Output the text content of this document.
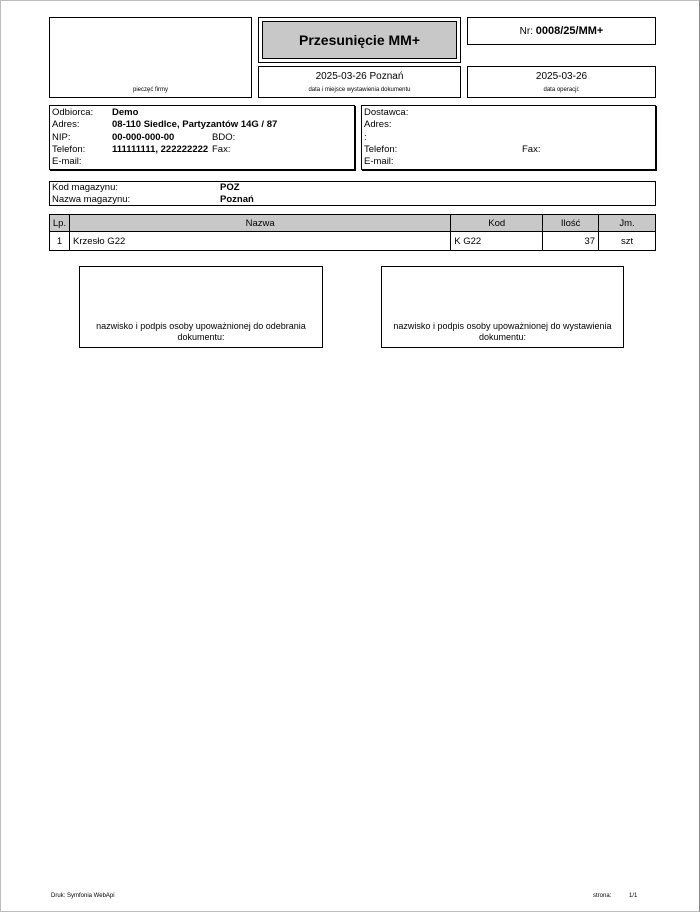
pieczęć firmy
Przesunięcie MM+
Nr:
0008/25/MM+
2025-03-26 Poznań
data i miejsce wystawienia dokumentu
2025-03-26
data operacji:
Odbiorca: Demo
Adres:	08-110 Siedlce, Partyzantów 14G / 87
NIP:	00-000-000-00	BDO:
Telefon:	111111111, 222222222 Fax:
E-mail:
Dostawca:
Adres:
:
Telefon:	Fax:
E-mail:
Kod magazynu:	POZ
Nazwa magazynu:	Poznań
Lp.	Nazwa	Kod	Ilość	Jm.
1	Krzesło G22	K G22	37	szt
nazwisko i podpis osoby upoważnionej do odebrania dokumentu:
nazwisko i podpis osoby upoważnionej do wystawienia dokumentu:
Druk: Symfonia WebApi	strona:	1/1
